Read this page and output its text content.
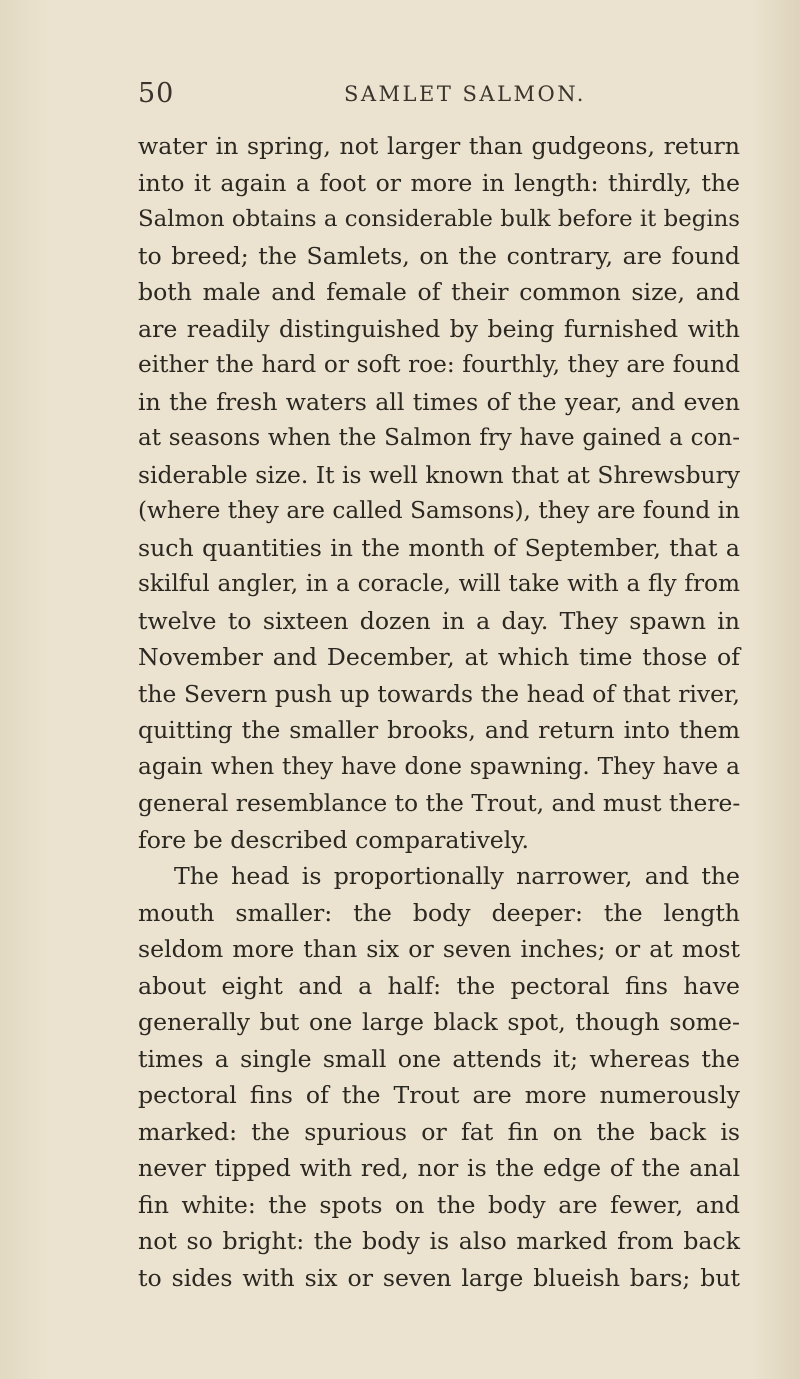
50	SAMLET SALMON.
water in spring, not larger than gudgeons, return
into it again a foot or more in length: thirdly, the
Salmon obtains a considerable bulk before it begins
to breed; the Samlets, on the contrary, are found
both male and female of their common size, and
are readily distinguished by being furnished with
either the hard or soft roe: fourthly, they are found
in the fresh waters all times of the year, and even
at seasons when the Salmon fry have gained a con-
siderable size. It is well known that at Shrewsbury
(where they are called Samsons), they are found in
such quantities in the month of September, that a
skilful angler, in a coracle, will take with a fly from
twelve to sixteen dozen in a day. They spawn in
November and December, at which time those of
the Severn push up towards the head of that river,
quitting the smaller brooks, and return into them
again when they have done spawning. They have a
general resemblance to the Trout, and must there-
fore be described comparatively.
The head is proportionally narrower, and the
mouth smaller: the body deeper: the length
seldom more than six or seven inches; or at most
about eight and a half: the pectoral fins have
generally but one large black spot, though some-
times a single small one attends it; whereas the
pectoral fins of the Trout are more numerously
marked: the spurious or fat fin on the back is
never tipped with red, nor is the edge of the anal
fin white: the spots on the body are fewer, and
not so bright: the body is also marked from back
to sides with six or seven large blueish bars; but
